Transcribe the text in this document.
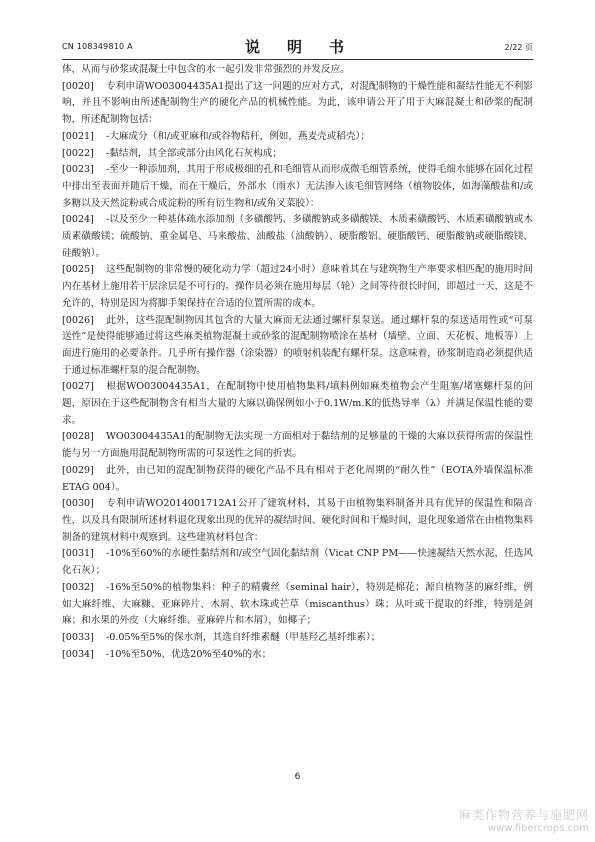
CN 108349810 A	说　明　书	2/22 页

体，从而与砂浆或混凝土中包含的水一起引发非常强烈的并发反应。

[0020] 专利申请WO03004435A1提出了这一问题的应对方式，对混配制物的干燥性能和凝结性能无不利影响，并且不影响由所述配制物生产的硬化产品的机械性能。为此，该申请公开了用于大麻混凝土和砂浆的配制物，所述配制物包括：

[0021] -大麻成分（和/或亚麻和/或谷物秸秆，例如，燕麦壳或稻壳）；

[0022] -黏结剂，其全部或部分由风化石灰构成；

[0023] -至少一种添加剂，其用于形成极细的孔和毛细管从而形成微毛细管系统，使得毛细水能够在固化过程中排出至表面并随后干燥，而在干燥后，外部水（雨水）无法渗入该毛细管网络（植物胶体，如海藻酸盐和/或多糖以及天然淀粉或合成淀粉的所有衍生物和/或角叉菜胶）：

[0024] -以及至少一种基体疏水添加剂（多磺酸钙、多磺酸钠或多磺酸镁、木质素磺酸钙、木质素磺酸钠或木质素磺酸镁；硫酸钠、重金属皂、马来酸盐、油酸盐（油酸钠）、硬脂酸铝、硬脂酸钙、硬脂酸钠或硬脂酸镁、硅酸钠）。

[0025] 这些配制物的非常慢的硬化动力学（超过24小时）意味着其在与建筑物生产率要求相匹配的施用时间内在基材上施用若干层涂层是不可行的。操作员必须在施用每层（轮）之间等待很长时间，即超过一天，这是不允许的，特别是因为将脚手架保持在合适的位置所需的成本。

[0026] 此外，这些混配制物因其包含的大量大麻而无法通过螺杆泵泵送。通过螺杆泵的泵送适用性或“可泵送性”是使得能够通过将这些麻类植物混凝土或砂浆的混配制物喷涂在基材（墙壁、立面、天花板、地板等）上面进行施用的必要条件。几乎所有操作器（涂染器）的喷射机装配有螺杆泵。这意味着，砂浆制造商必须提供适于通过标准螺杆泵的混合配制物。

[0027] 根据WO03004435A1，在配制物中使用植物集料/填料例如麻类植物会产生阻塞/堵塞螺杆泵的问题，原因在于这些配制物含有相当大量的大麻以确保例如小于0.1W/m.K的低热导率（λ）并满足保温性能的要求。

[0028] WO03004435A1的配制物无法实现一方面相对于黏结剂的足够量的干燥的大麻以获得所需的保温性能与另一方面施用混配制物所需的可泵送性之间的折衷。

[0029] 此外，由已知的混配制物获得的硬化产品不具有相对于老化周期的“耐久性”（EOTA外墙保温标准ETAG 004）。

[0030] 专利申请WO2014001712A1公开了建筑材料，其易于由植物集料制备并具有优异的保温性和隔音性，以及具有限制所述材料退化现象出现的优异的凝结时间、硬化时间和干燥时间，退化现象通常在由植物集料制备的建筑材料中观察到。这些建筑材料包含：

[0031] -10%至60%的水硬性黏结剂和/或空气固化黏结剂（Vicat CNP PM——快速凝结天然水泥，任选风化石灰）；

[0032] -16%至50%的植物集料：种子的精囊丝（seminal hair），特别是棉花；源自植物茎的麻纤维，例如大麻纤维、大麻糠、亚麻碎片、木屑、软木珠或芒草（miscanthus）珠；从叶或干提取的纤维，特别是剑麻；和水果的外皮（大麻纤维、亚麻碎片和木屑），如椰子；

[0033] -0.05%至5%的保水剂，其选自纤维素醚（甲基羟乙基纤维素）；

[0034] -10%至50%、优选20%至40%的水；

6
麻类作物营养与施肥网
www.fibercrops.com
